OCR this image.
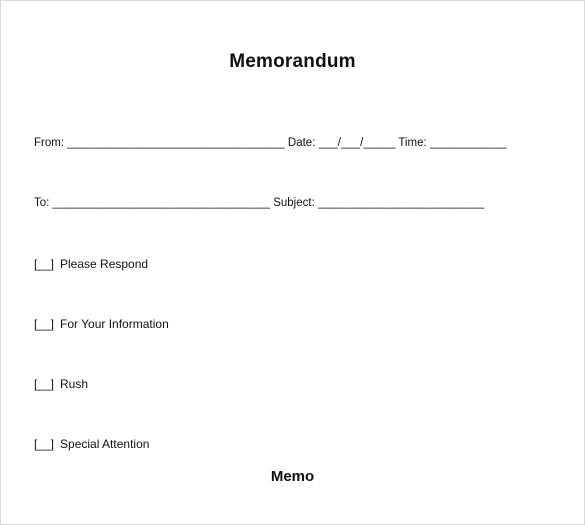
Memorandum
From: __________________________________ Date: ___/___/_____ Time: ____________
To: __________________________________ Subject: __________________________
[__] Please Respond
[__] For Your Information
[__] Rush
[__] Special Attention
Memo
